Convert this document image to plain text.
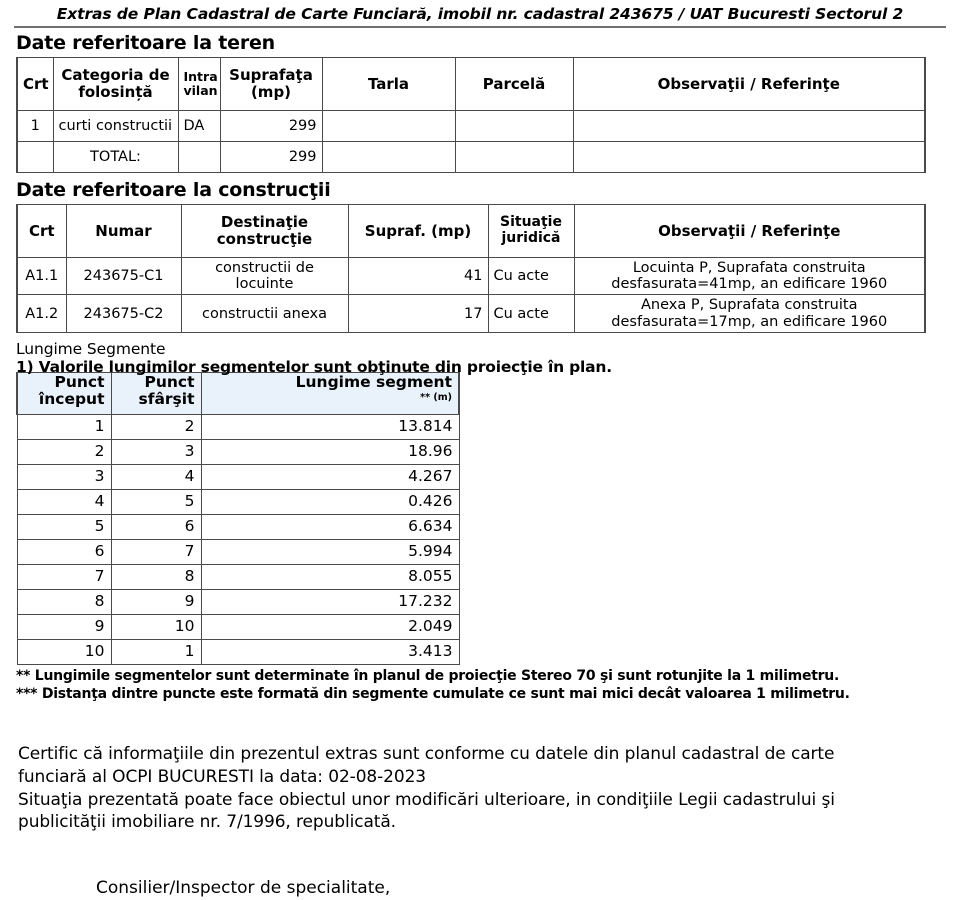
Extras de Plan Cadastral de Carte Funciară, imobil nr. cadastral 243675 / UAT Bucuresti Sectorul 2
Date referitoare la teren
Crt	Categoria de folosință	Intra vilan	Suprafaţa (mp)	Tarla	Parcelă	Observaţii / Referinţe
1	curti constructii	DA	299			
	TOTAL:		299			
Date referitoare la construcţii
Crt	Numar	Destinaţie construcţie	Supraf. (mp)	Situaţie juridică	Observaţii / Referinţe
A1.1	243675-C1	constructii de locuinte	41	Cu acte	Locuinta P, Suprafata construita
desfasurata=41mp, an edificare 1960

A1.2	243675-C2	constructii anexa	17	Cu acte	Anexa P, Suprafata construita
desfasurata=17mp, an edificare 1960
Lungime Segmente
1) Valorile lungimilor segmentelor sunt obţinute din proiecţie în plan.
Punct
început	Punct
sfârşit	Lungime segment
** (m)

1	2	13.814
2	3	18.96
3	4	4.267
4	5	0.426
5	6	6.634
6	7	5.994
7	8	8.055
8	9	17.232
9	10	2.049
10	1	3.413
** Lungimile segmentelor sunt determinate în planul de proiecţie Stereo 70 şi sunt rotunjite la 1 milimetru.
*** Distanţa dintre puncte este formată din segmente cumulate ce sunt mai mici decât valoarea 1 milimetru.

Certific că informaţiile din prezentul extras sunt conforme cu datele din planul cadastral de carte

funciară al OCPI BUCURESTI la data: 02-08-2023

Situaţia prezentată poate face obiectul unor modificări ulterioare, in condiţiile Legii cadastrului şi

publicităţii imobiliare nr. 7/1996, republicată.

Consilier/Inspector de specialitate,
